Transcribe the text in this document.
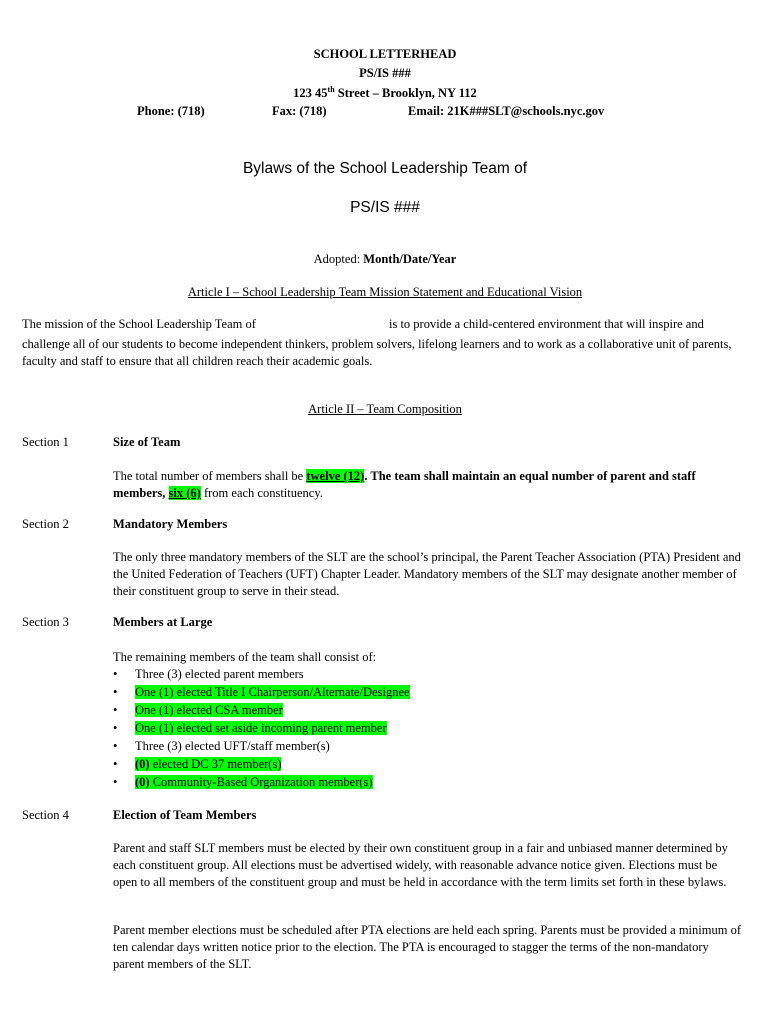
SCHOOL LETTERHEAD
PS/IS ###
123 45th Street – Brooklyn, NY 112
Phone: (718)	Fax: (718)	Email: 21K###SLT@schools.nyc.gov
Bylaws of the School Leadership Team of
PS/IS ###
Adopted: Month/Date/Year
Article I – School Leadership Team Mission Statement and Educational Vision
The mission of the School Leadership Team of	is to provide a child-centered environment that will inspire and
challenge all of our students to become independent thinkers, problem solvers, lifelong learners and to work as a collaborative unit of parents, faculty and staff to ensure that all children reach their academic goals.
Article II – Team Composition
Section 1	Size of Team
The total number of members shall be twelve (12). The team shall maintain an equal number of parent and staff members, six (6) from each constituency.
Section 2	Mandatory Members
The only three mandatory members of the SLT are the school’s principal, the Parent Teacher Association (PTA) President and the United Federation of Teachers (UFT) Chapter Leader. Mandatory members of the SLT may designate another member of their constituent group to serve in their stead.
Section 3	Members at Large
The remaining members of the team shall consist of:
• Three (3) elected parent members
• One (1) elected Title I Chairperson/Alternate/Designee
• One (1) elected CSA member
• One (1) elected set aside incoming parent member
• Three (3) elected UFT/staff member(s)
• (0) elected DC 37 member(s)
• (0) Community-Based Organization member(s)
Section 4	Election of Team Members
Parent and staff SLT members must be elected by their own constituent group in a fair and unbiased manner determined by each constituent group. All elections must be advertised widely, with reasonable advance notice given. Elections must be open to all members of the constituent group and must be held in accordance with the term limits set forth in these bylaws.
Parent member elections must be scheduled after PTA elections are held each spring. Parents must be provided a minimum of ten calendar days written notice prior to the election. The PTA is encouraged to stagger the terms of the non-mandatory parent members of the SLT.
